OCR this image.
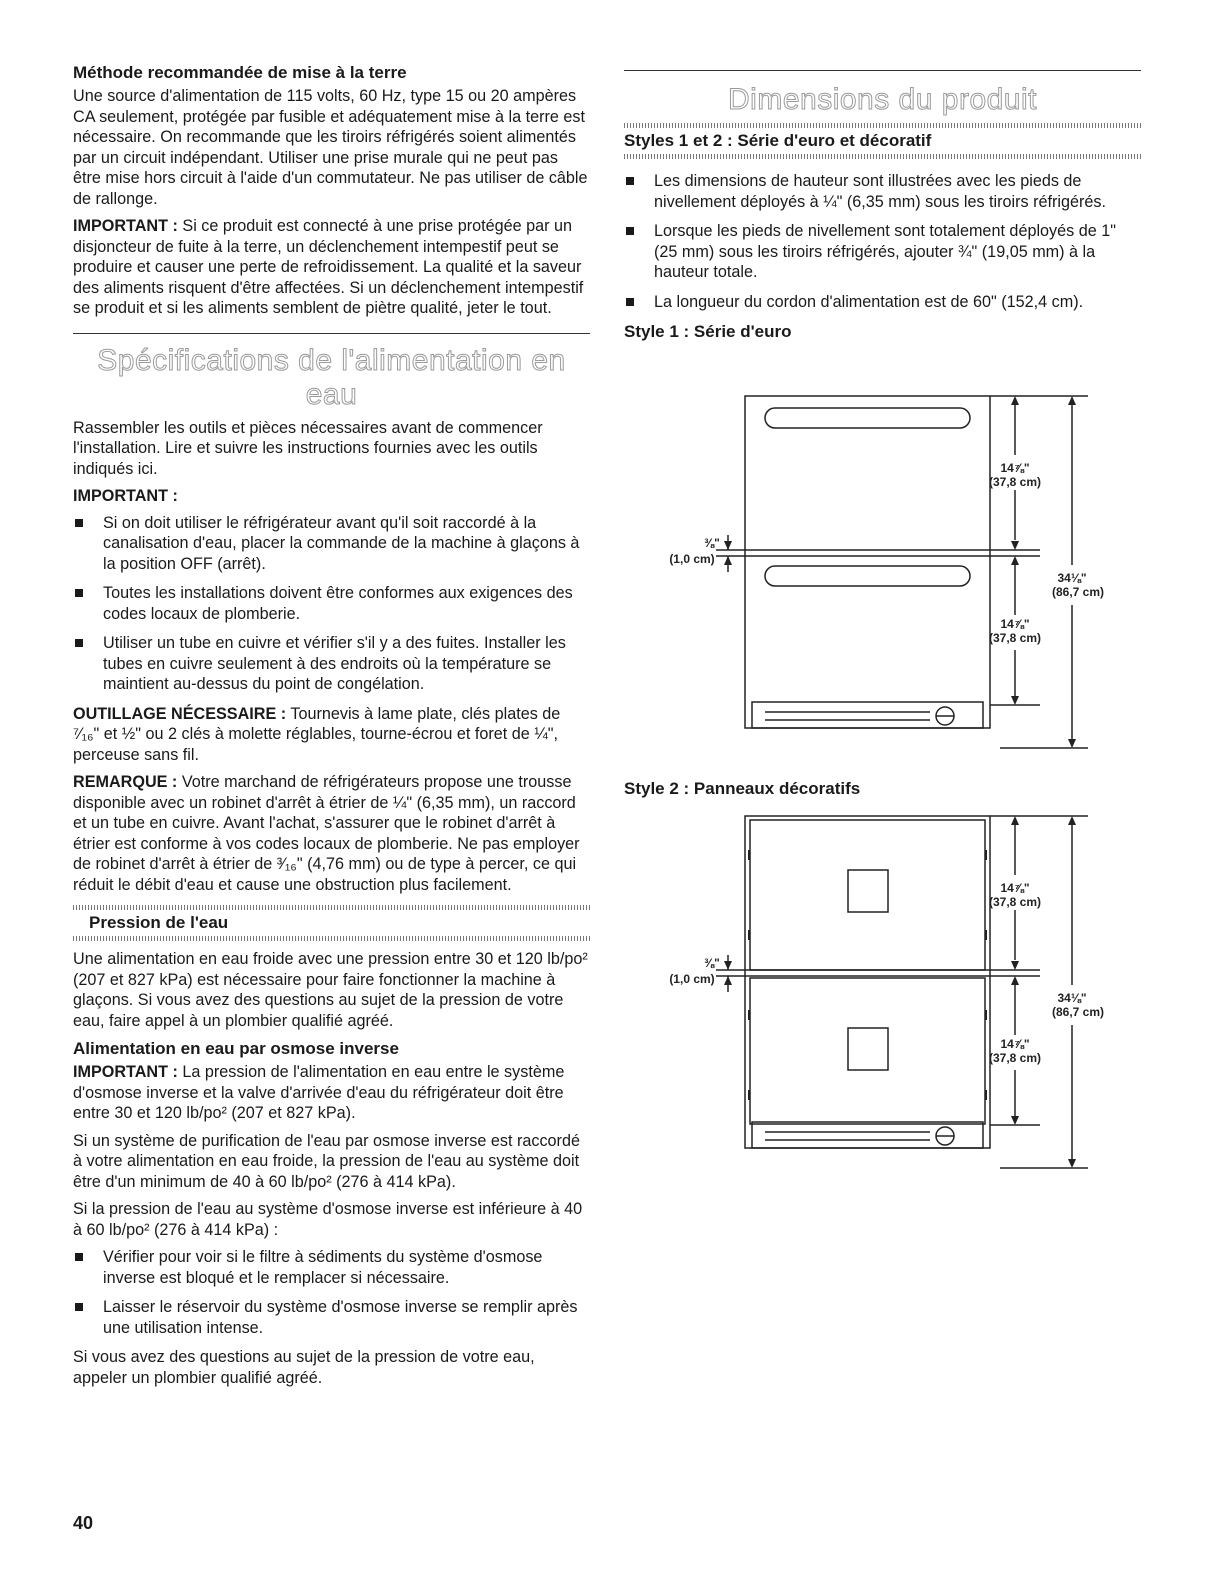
Méthode recommandée de mise à la terre

Une source d'alimentation de 115 volts, 60 Hz, type 15 ou 20 ampères CA seulement, protégée par fusible et adéquatement mise à la terre est nécessaire. On recommande que les tiroirs réfrigérés soient alimentés par un circuit indépendant. Utiliser une prise murale qui ne peut pas être mise hors circuit à l'aide d'un commutateur. Ne pas utiliser de câble de rallonge.

IMPORTANT : Si ce produit est connecté à une prise protégée par un disjoncteur de fuite à la terre, un déclenchement intempestif peut se produire et causer une perte de refroidissement. La qualité et la saveur des aliments risquent d'être affectées. Si un déclenchement intempestif se produit et si les aliments semblent de piètre qualité, jeter le tout.

Spécifications de l'alimentation en eau

Rassembler les outils et pièces nécessaires avant de commencer l'installation. Lire et suivre les instructions fournies avec les outils indiqués ici.

IMPORTANT :

Si on doit utiliser le réfrigérateur avant qu'il soit raccordé à la canalisation d'eau, placer la commande de la machine à glaçons à la position OFF (arrêt).
Toutes les installations doivent être conformes aux exigences des codes locaux de plomberie.
Utiliser un tube en cuivre et vérifier s'il y a des fuites. Installer les tubes en cuivre seulement à des endroits où la température se maintient au-dessus du point de congélation.

OUTILLAGE NÉCESSAIRE : Tournevis à lame plate, clés plates de ⁷⁄₁₆" et ½" ou 2 clés à molette réglables, tourne-écrou et foret de ¼", perceuse sans fil.

REMARQUE : Votre marchand de réfrigérateurs propose une trousse disponible avec un robinet d'arrêt à étrier de ¼" (6,35 mm), un raccord et un tube en cuivre. Avant l'achat, s'assurer que le robinet d'arrêt à étrier est conforme à vos codes locaux de plomberie. Ne pas employer de robinet d'arrêt à étrier de ³⁄₁₆" (4,76 mm) ou de type à percer, ce qui réduit le débit d'eau et cause une obstruction plus facilement.

Pression de l'eau

Une alimentation en eau froide avec une pression entre 30 et 120 lb/po² (207 et 827 kPa) est nécessaire pour faire fonctionner la machine à glaçons. Si vous avez des questions au sujet de la pression de votre eau, faire appel à un plombier qualifié agréé.

Alimentation en eau par osmose inverse

IMPORTANT : La pression de l'alimentation en eau entre le système d'osmose inverse et la valve d'arrivée d'eau du réfrigérateur doit être entre 30 et 120 lb/po² (207 et 827 kPa).

Si un système de purification de l'eau par osmose inverse est raccordé à votre alimentation en eau froide, la pression de l'eau au système doit être d'un minimum de 40 à 60 lb/po² (276 à 414 kPa).

Si la pression de l'eau au système d'osmose inverse est inférieure à 40 à 60 lb/po² (276 à 414 kPa) :

Vérifier pour voir si le filtre à sédiments du système d'osmose inverse est bloqué et le remplacer si nécessaire.
Laisser le réservoir du système d'osmose inverse se remplir après une utilisation intense.

Si vous avez des questions au sujet de la pression de votre eau, appeler un plombier qualifié agréé.

Dimensions du produit
Styles 1 et 2 : Série d'euro et décoratif
Les dimensions de hauteur sont illustrées avec les pieds de nivellement déployés à ¼" (6,35 mm) sous les tiroirs réfrigérés.
Lorsque les pieds de nivellement sont totalement déployés de 1" (25 mm) sous les tiroirs réfrigérés, ajouter ¾" (19,05 mm) à la hauteur totale.
La longueur du cordon d'alimentation est de 60" (152,4 cm).
Style 1 : Série d'euro
14⅞"
(37,8 cm)
14⅞"
(37,8 cm)
34⅛"
(86,7 cm)
⅜"
(1,0 cm)
Style 2 : Panneaux décoratifs
14⅞"
(37,8 cm)
14⅞"
(37,8 cm)
34⅛"
(86,7 cm)
⅜"
(1,0 cm)
40
